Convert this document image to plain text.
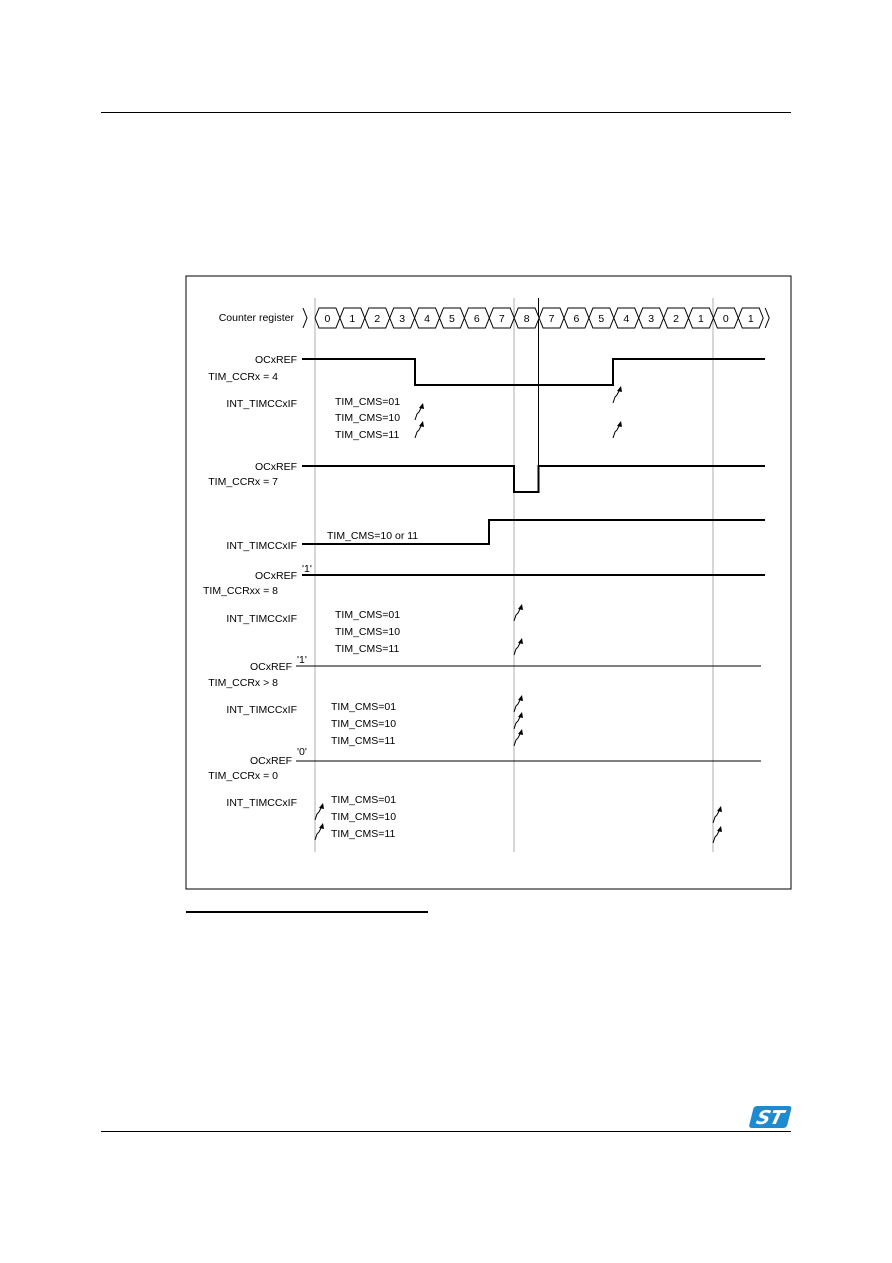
Counter register	0 1 2 3 4 5 6 7 8 7 6 5 4 3 2 1 0 1
OCxREF
TIM_CCRx = 4
INT_TIMCCxIF	TIM_CMS=01
TIM_CMS=10
TIM_CMS=11
OCxREF
TIM_CCRx = 7
TIM_CMS=10 or 11
INT_TIMCCxIF
'1'
OCxREF
TIM_CCRxx = 8
INT_TIMCCxIF	TIM_CMS=01
TIM_CMS=10
TIM_CMS=11
'1'
OCxREF
TIM_CCRx > 8
INT_TIMCCxIF	TIM_CMS=01
TIM_CMS=10
TIM_CMS=11
'0'
OCxREF
TIM_CCRx = 0
INT_TIMCCxIF	TIM_CMS=01
TIM_CMS=10
TIM_CMS=11
ST
